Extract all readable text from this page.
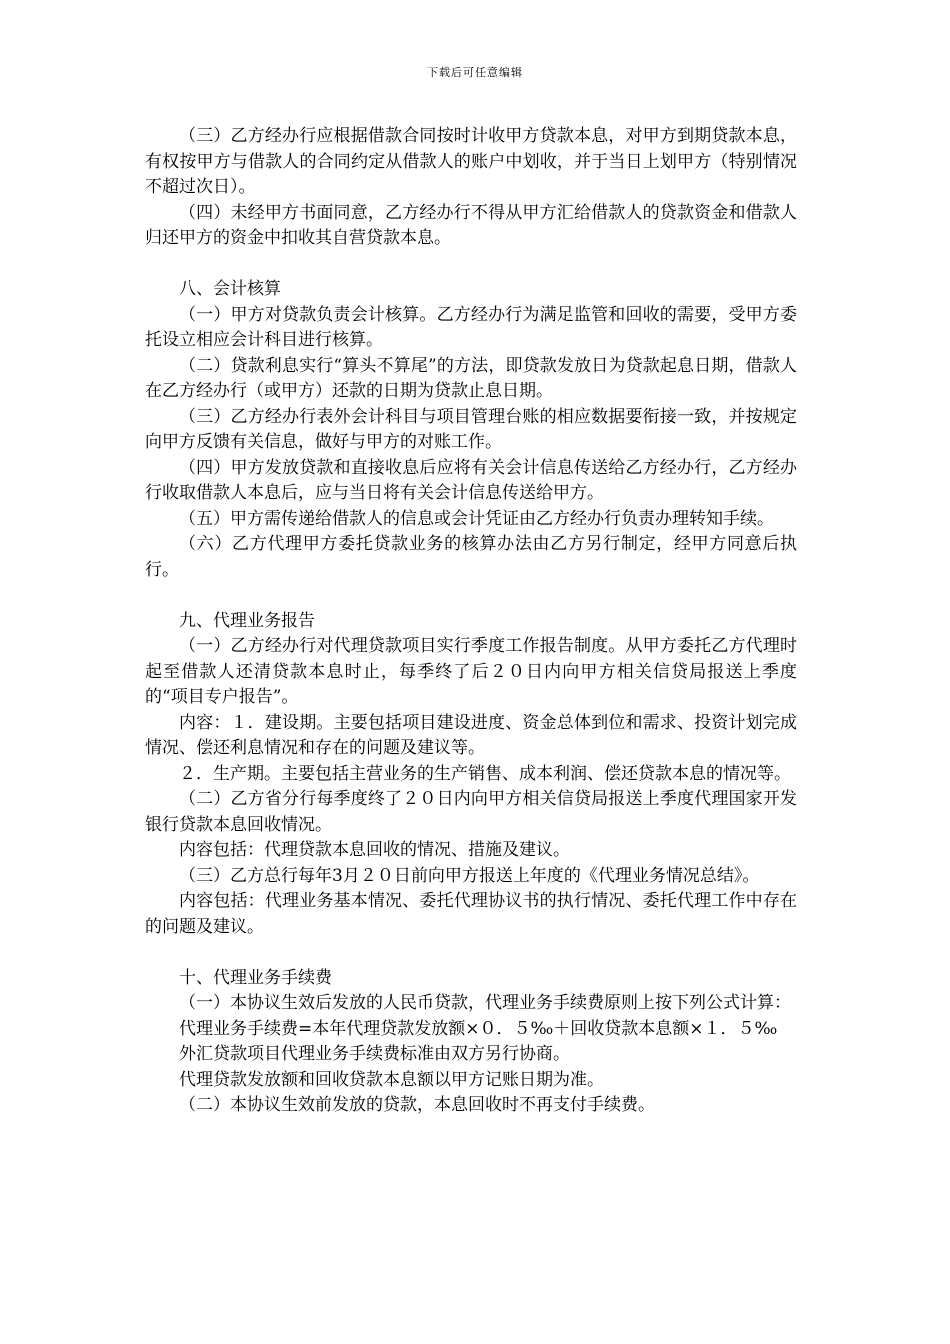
下载后可任意编辑

（三）乙方经办行应根据借款合同按时计收甲方贷款本息，对甲方到期贷款本息，有权按甲方与借款人的合同约定从借款人的账户中划收，并于当日上划甲方（特别情况不超过次日）。

（四）未经甲方书面同意，乙方经办行不得从甲方汇给借款人的贷款资金和借款人归还甲方的资金中扣收其自营贷款本息。

八、会计核算

（一）甲方对贷款负责会计核算。乙方经办行为满足监管和回收的需要，受甲方委托设立相应会计科目进行核算。

（二）贷款利息实行“算头不算尾”的方法，即贷款发放日为贷款起息日期，借款人在乙方经办行（或甲方）还款的日期为贷款止息日期。

（三）乙方经办行表外会计科目与项目管理台账的相应数据要衔接一致，并按规定向甲方反馈有关信息，做好与甲方的对账工作。

（四）甲方发放贷款和直接收息后应将有关会计信息传送给乙方经办行，乙方经办行收取借款人本息后，应与当日将有关会计信息传送给甲方。

（五）甲方需传递给借款人的信息或会计凭证由乙方经办行负责办理转知手续。

（六）乙方代理甲方委托贷款业务的核算办法由乙方另行制定，经甲方同意后执行。

九、代理业务报告

（一）乙方经办行对代理贷款项目实行季度工作报告制度。从甲方委托乙方代理时起至借款人还清贷款本息时止，每季终了后２０日内向甲方相关信贷局报送上季度的“项目专户报告”。

内容：１．建设期。主要包括项目建设进度、资金总体到位和需求、投资计划完成情况、偿还利息情况和存在的问题及建议等。

２．生产期。主要包括主营业务的生产销售、成本利润、偿还贷款本息的情况等。

（二）乙方省分行每季度终了２０日内向甲方相关信贷局报送上季度代理国家开发银行贷款本息回收情况。

内容包括：代理贷款本息回收的情况、措施及建议。

（三）乙方总行每年3月２０日前向甲方报送上年度的《代理业务情况总结》。

内容包括：代理业务基本情况、委托代理协议书的执行情况、委托代理工作中存在的问题及建议。

十、代理业务手续费

（一）本协议生效后发放的人民币贷款，代理业务手续费原则上按下列公式计算：

代理业务手续费=本年代理贷款发放额×０．５‰＋回收贷款本息额×１．５‰

外汇贷款项目代理业务手续费标准由双方另行协商。

代理贷款发放额和回收贷款本息额以甲方记账日期为准。

（二）本协议生效前发放的贷款，本息回收时不再支付手续费。
